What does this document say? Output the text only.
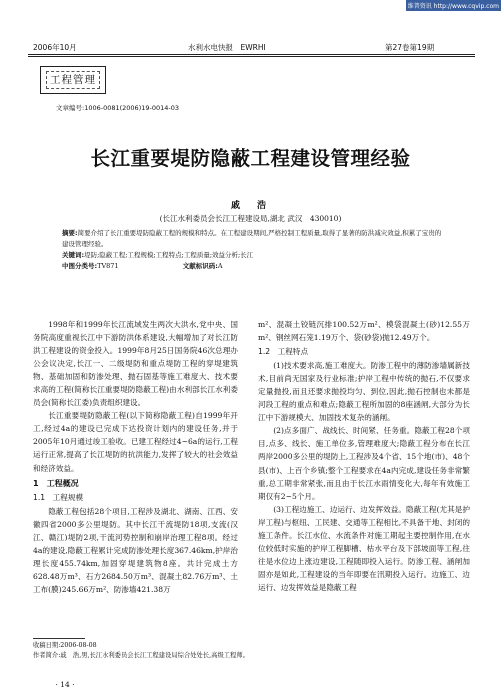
维普资讯 http://www.cqvip.com
2006年10月	水利水电快报　EWRHI	第27卷第19期
工程管理
文章编号:1006-0081(2006)19-0014-03
长江重要堤防隐蔽工程建设管理经验
戚　浩
(长江水利委员会长江工程建设局,湖北 武汉　430010)
摘要:简要介绍了长江重要堤防隐蔽工程的规模和特点。在工程建设期间,严格控制工程质量,取得了显著的防洪减灾效益,积累了宝贵的建设管理经验。
关键词:堤防;隐蔽工程;工程规模;工程特点;工程质量;效益分析;长江
中图分类号:TV871	文献标识码:A

1998年和1999年长江流域发生两次大洪水,党中央、国务院高度重视长江中下游防洪体系建设,大幅增加了对长江防洪工程建设的资金投入。1999年8月25日国务院46次总理办公会议决定,长江一、二级堤防和重点堤防工程的穿堤建筑物、基础加固和防渗处理、抛石固基等施工难度大、技术要求高的工程(简称长江重要堤防隐蔽工程)由水利部长江水利委员会(简称长江委)负责组织建设。

长江重要堤防隐蔽工程(以下简称隐蔽工程)自1999年开工,经过4a的建设已完成下达投资计划内的建设任务,并于2005年10月通过竣工验收。已建工程经过4~6a的运行,工程运行正常,提高了长江堤防的抗洪能力,发挥了较大的社会效益和经济效益。

1　工程概况
1.1　工程规模

隐蔽工程包括28个项目,工程涉及湖北、湖南、江西、安徽四省2000多公里堤防。其中长江干流堤防18项,支流(汉江、赣江)堤防2项,干流河势控制和崩岸治理工程8项。经过4a的建设,隐蔽工程累计完成防渗处理长度367.46km,护岸治理长度455.74km,加固穿堤建筑物8座。共计完成土方628.48万m³、石方2684.50万m³、混凝土82.76万m³、土工布(膜)245.66万m²、防渗墙421.38万

m²、混凝土铰链沉排100.52万m²、模袋混凝土(砂)12.55万m²、钢丝网石笼1.19万个、袋(砂袋)抛12.49万个。

1.2　工程特点

(1)技术要求高,施工难度大。防渗工程中的薄防渗墙属新技术,目前尚无国家及行业标准;护岸工程中传统的抛石,不仅要求定量抛投,而且还要求抛投均匀、到位,因此,抛石控制也未都是河段工程的重点和难点;隐蔽工程所加固的8座涵闸,大部分为长江中下游规模大、加固技术复杂的涵闸。

(2)点多面广、战线长、时间紧、任务重。隐蔽工程28个项目,点多、线长、施工单位多,管理难度大;隐蔽工程分布在长江两岸2000多公里的堤防上,工程涉及4个省、15个地(市)、48个县(市)、上百个乡镇;整个工程要求在4a内完成,建设任务非常繁重,总工期非常紧张,而且由于长江水雨情变化大,每年有效施工期仅有2~5个月。

(3)工程边施工、边运行、边发挥效益。隐蔽工程(尤其是护岸工程)与枢纽、工民建、交通等工程相比,不具备干地、封闭的施工条件。长江水位、水流条件对施工期起主要控制作用,在水位较低时实施的护岸工程脚槽、枯水平台及下部坡面等工程,往往是水位边上涨边建设,工程随即投入运行。防渗工程、涵闸加固亦是如此,工程建设的当年即要在汛期投入运行。边施工、边运行、边发挥效益是隐蔽工程

收稿日期:2006-08-08
作者简介:戚　浩,男,长江水利委员会长江工程建设局综合处处长,高级工程师。
· 14 ·
